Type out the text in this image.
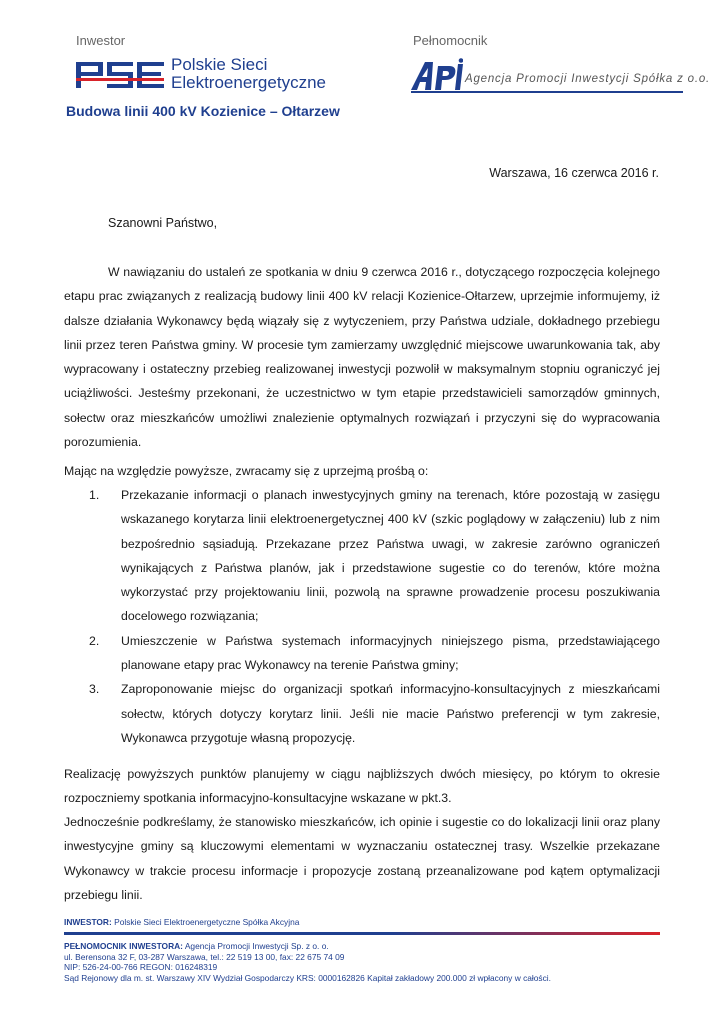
Inwestor	Pełnomocnik
Polskie Sieci
Elektroenergetyczne	Agencja Promocji Inwestycji Spółka z o.o.
Budowa linii 400 kV Kozienice – Ołtarzew
Warszawa, 16 czerwca 2016 r.
Szanowni Państwo,

W nawiązaniu do ustaleń ze spotkania w dniu 9 czerwca 2016 r., dotyczącego rozpoczęcia kolejnego etapu prac związanych z realizacją budowy linii 400 kV relacji Kozienice-Ołtarzew, uprzejmie informujemy, iż dalsze działania Wykonawcy będą wiązały się z wytyczeniem, przy Państwa udziale, dokładnego przebiegu linii przez teren Państwa gminy. W procesie tym zamierzamy uwzględnić miejscowe uwarunkowania tak, aby wypracowany i ostateczny przebieg realizowanej inwestycji pozwolił w maksymalnym stopniu ograniczyć jej uciążliwości. Jesteśmy przekonani, że uczestnictwo w tym etapie przedstawicieli samorządów gminnych, sołectw oraz mieszkańców umożliwi znalezienie optymalnych rozwiązań i przyczyni się do wypracowania porozumienia.

Mając na względzie powyższe, zwracamy się z uprzejmą prośbą o:
1. Przekazanie informacji o planach inwestycyjnych gminy na terenach, które pozostają w zasięgu wskazanego korytarza linii elektroenergetycznej 400 kV (szkic poglądowy w załączeniu) lub z nim bezpośrednio sąsiadują. Przekazane przez Państwa uwagi, w zakresie zarówno ograniczeń wynikających z Państwa planów, jak i przedstawione sugestie co do terenów, które można wykorzystać przy projektowaniu linii, pozwolą na sprawne prowadzenie procesu poszukiwania docelowego rozwiązania;
2. Umieszczenie w Państwa systemach informacyjnych niniejszego pisma, przedstawiającego planowane etapy prac Wykonawcy na terenie Państwa gminy;
3. Zaproponowanie miejsc do organizacji spotkań informacyjno-konsultacyjnych z mieszkańcami sołectw, których dotyczy korytarz linii. Jeśli nie macie Państwo preferencji w tym zakresie, Wykonawca przygotuje własną propozycję.

Realizację powyższych punktów planujemy w ciągu najbliższych dwóch miesięcy, po którym to okresie rozpoczniemy spotkania informacyjno-konsultacyjne wskazane w pkt.3.

Jednocześnie podkreślamy, że stanowisko mieszkańców, ich opinie i sugestie co do lokalizacji linii oraz plany inwestycyjne gminy są kluczowymi elementami w wyznaczaniu ostatecznej trasy. Wszelkie przekazane Wykonawcy w trakcie procesu informacje i propozycje zostaną przeanalizowane pod kątem optymalizacji przebiegu linii.

INWESTOR: Polskie Sieci Elektroenergetyczne Spółka Akcyjna
PEŁNOMOCNIK INWESTORA: Agencja Promocji Inwestycji Sp. z o. o.
ul. Berensona 32 F, 03-287 Warszawa, tel.: 22 519 13 00, fax: 22 675 74 09
NIP: 526-24-00-766 REGON: 016248319
Sąd Rejonowy dla m. st. Warszawy XIV Wydział Gospodarczy KRS: 0000162826 Kapitał zakładowy 200.000 zł wpłacony w całości.
